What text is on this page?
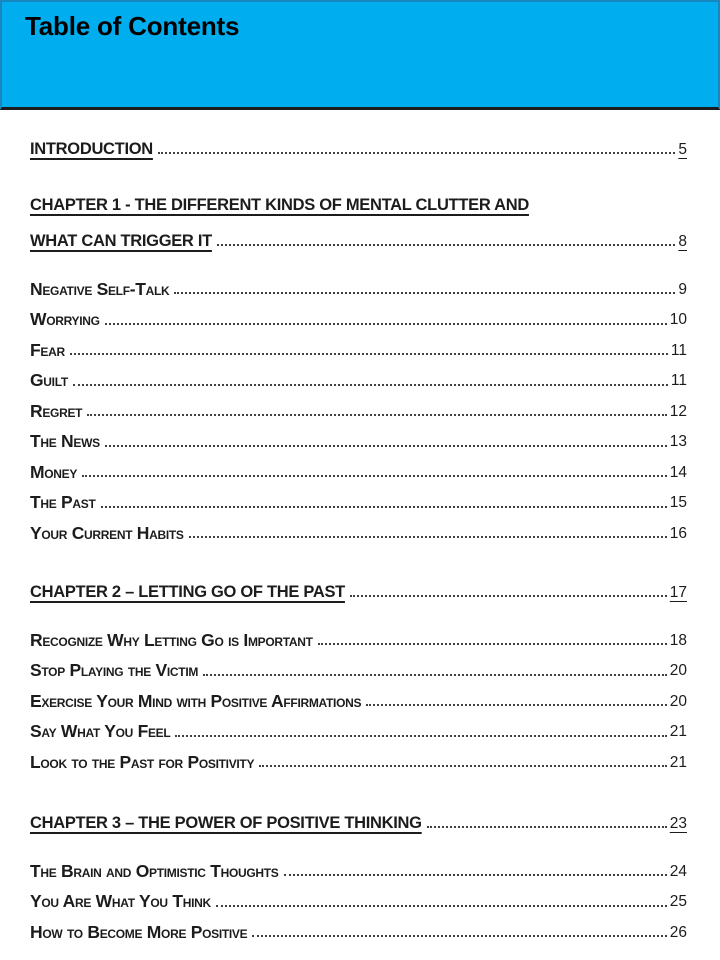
Table of Contents
INTRODUCTION	5
CHAPTER 1 - THE DIFFERENT KINDS OF MENTAL CLUTTER AND
WHAT CAN TRIGGER IT	8
Negative Self-Talk	9
Worrying	10
Fear	11
Guilt	11
Regret	12
The News	13
Money	14
The Past	15
Your Current Habits	16
CHAPTER 2 – LETTING GO OF THE PAST	17
Recognize Why Letting Go is Important	18
Stop Playing the Victim	20
Exercise Your Mind with Positive Affirmations	20
Say What You Feel	21
Look to the Past for Positivity	21
CHAPTER 3 – THE POWER OF POSITIVE THINKING	23
The Brain and Optimistic Thoughts	24
You Are What You Think	25
How to Become More Positive	26
